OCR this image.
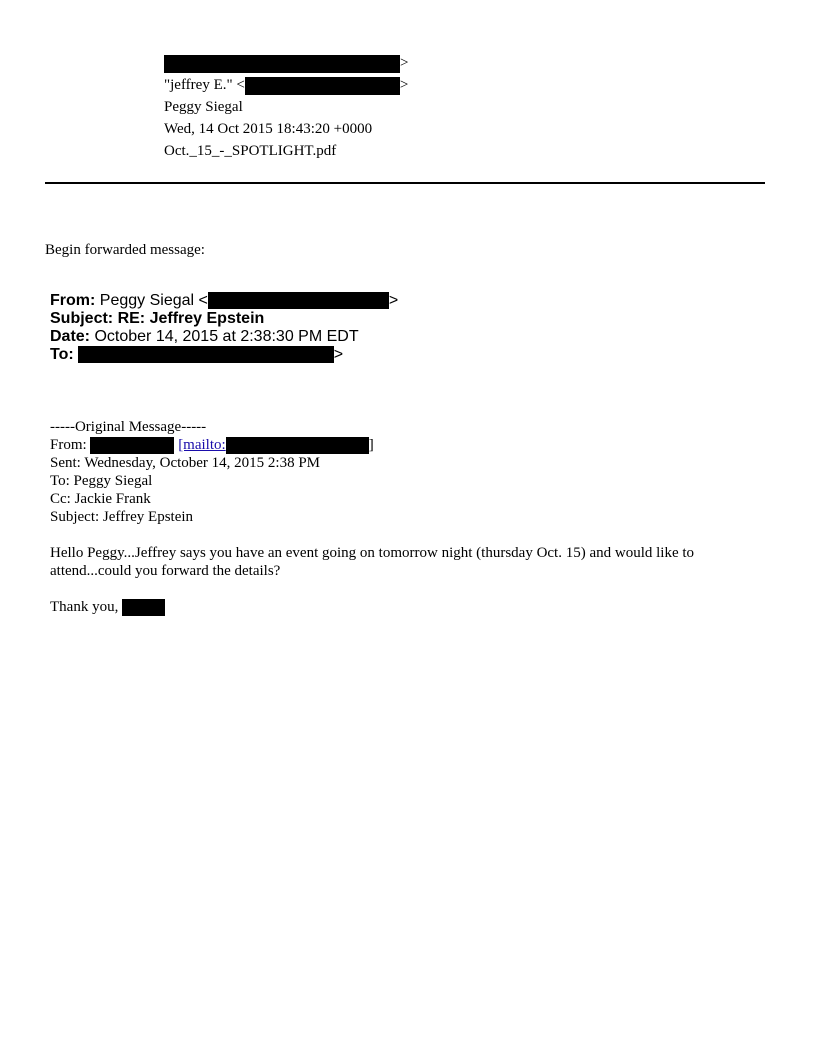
>
"jeffrey E." <	>
Peggy Siegal
Wed, 14 Oct 2015 18:43:20 +0000
Oct._15_-_SPOTLIGHT.pdf
Begin forwarded message:
From: Peggy Siegal <	>
Subject: RE: Jeffrey Epstein
Date: October 14, 2015 at 2:38:30 PM EDT
To:	>
-----Original Message-----
From:	[mailto:	]
Sent: Wednesday, October 14, 2015 2:38 PM
To: Peggy Siegal
Cc: Jackie Frank
Subject: Jeffrey Epstein
Hello Peggy...Jeffrey says you have an event going on tomorrow night (thursday Oct. 15) and would like to attend...could you forward the details?
Thank you,
